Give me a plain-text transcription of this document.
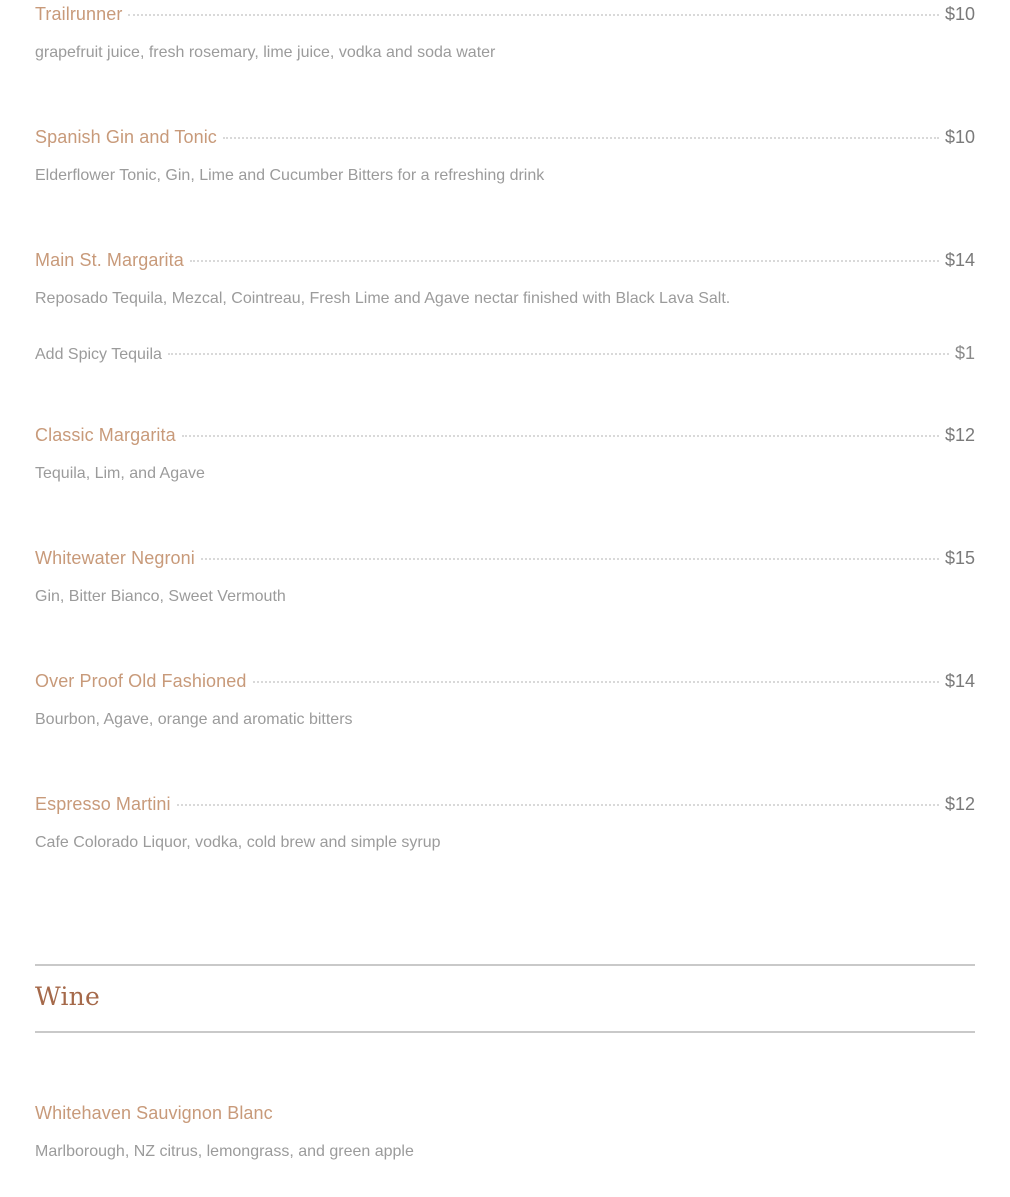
Trailrunner	$10
grapefruit juice, fresh rosemary, lime juice, vodka and soda water
Spanish Gin and Tonic	$10
Elderflower Tonic, Gin, Lime and Cucumber Bitters for a refreshing drink
Main St. Margarita	$14
Reposado Tequila, Mezcal, Cointreau, Fresh Lime and Agave nectar finished with Black Lava Salt.
Add Spicy Tequila	$1
Classic Margarita	$12
Tequila, Lim, and Agave
Whitewater Negroni	$15
Gin, Bitter Bianco, Sweet Vermouth
Over Proof Old Fashioned	$14
Bourbon, Agave, orange and aromatic bitters
Espresso Martini	$12
Cafe Colorado Liquor, vodka, cold brew and simple syrup
Wine
Whitehaven Sauvignon Blanc
Marlborough, NZ citrus, lemongrass, and green apple
